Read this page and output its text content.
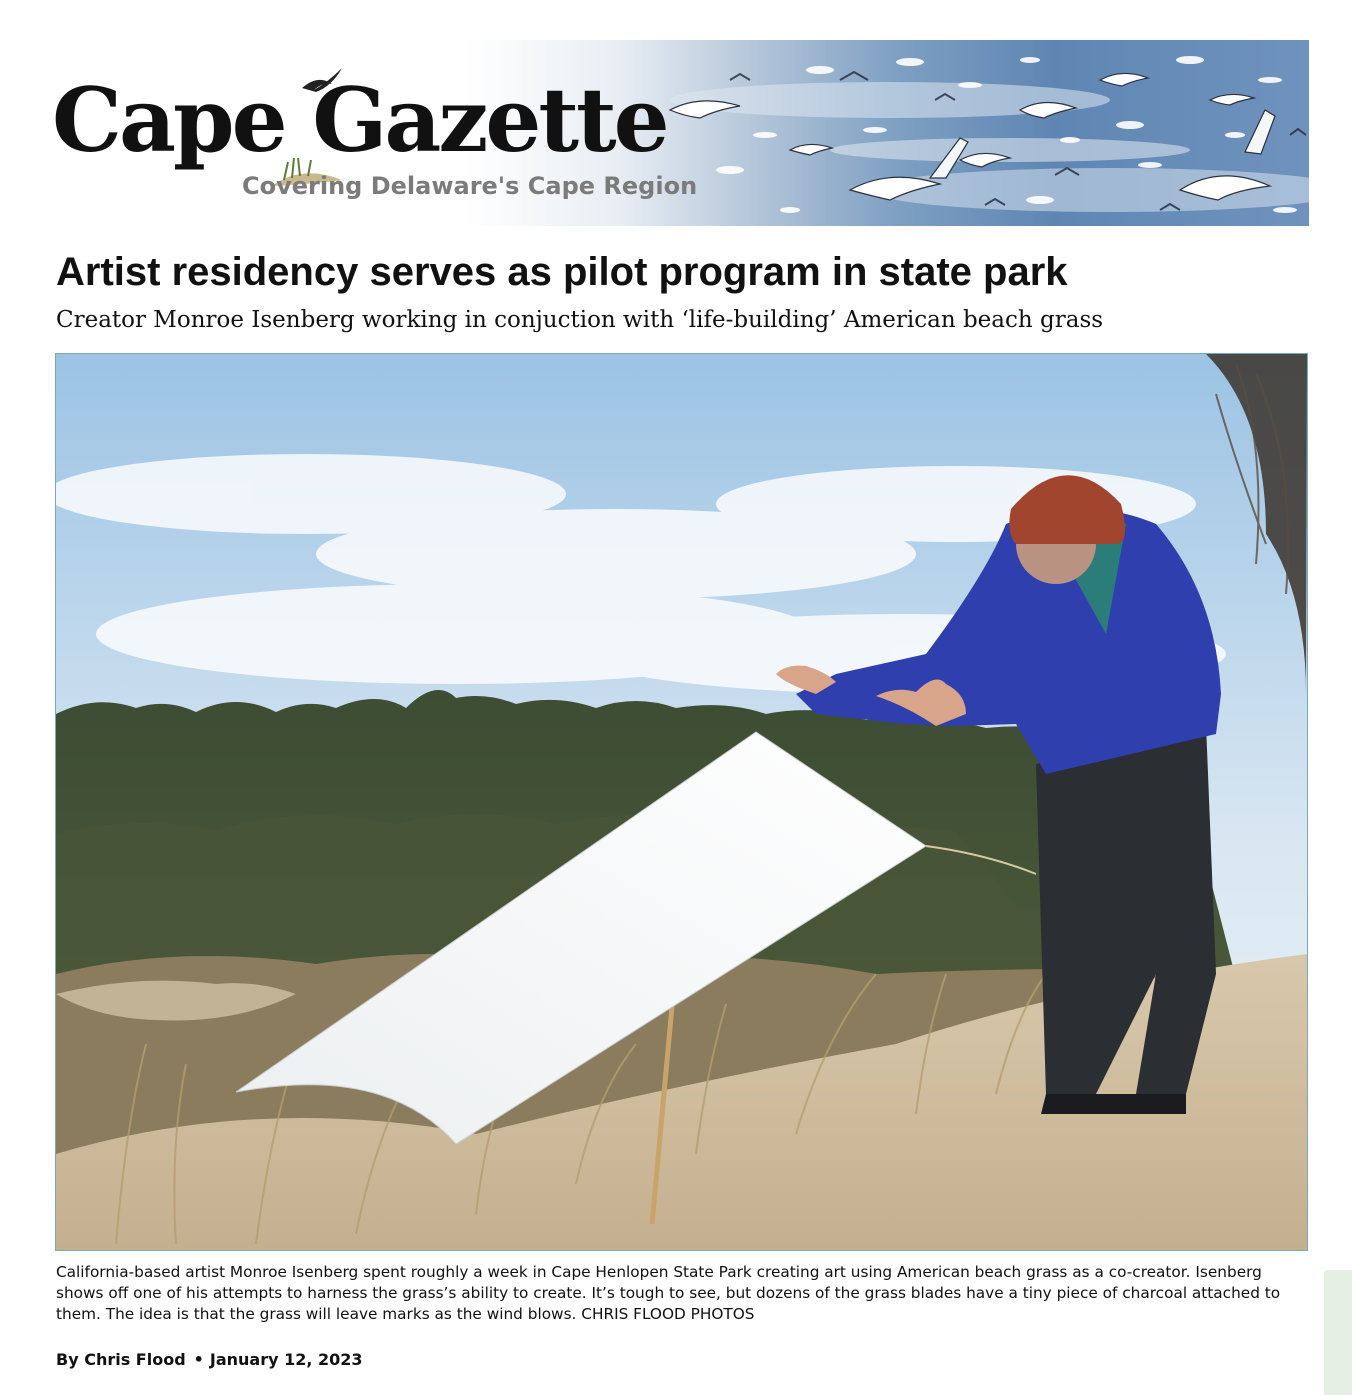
Cape Gazette
Covering Delaware's Cape Region
Artist residency serves as pilot program in state park
Creator Monroe Isenberg working in conjuction with ‘life-building’ American beach grass

California-based artist Monroe Isenberg spent roughly a week in Cape Henlopen State Park creating art using American beach grass as a co-creator. Isenberg shows off one of his attempts to harness the grass’s ability to create. It’s tough to see, but dozens of the grass blades have a tiny piece of charcoal attached to them. The idea is that the grass will leave marks as the wind blows. CHRIS FLOOD PHOTOS

By Chris Flood • January 12, 2023
